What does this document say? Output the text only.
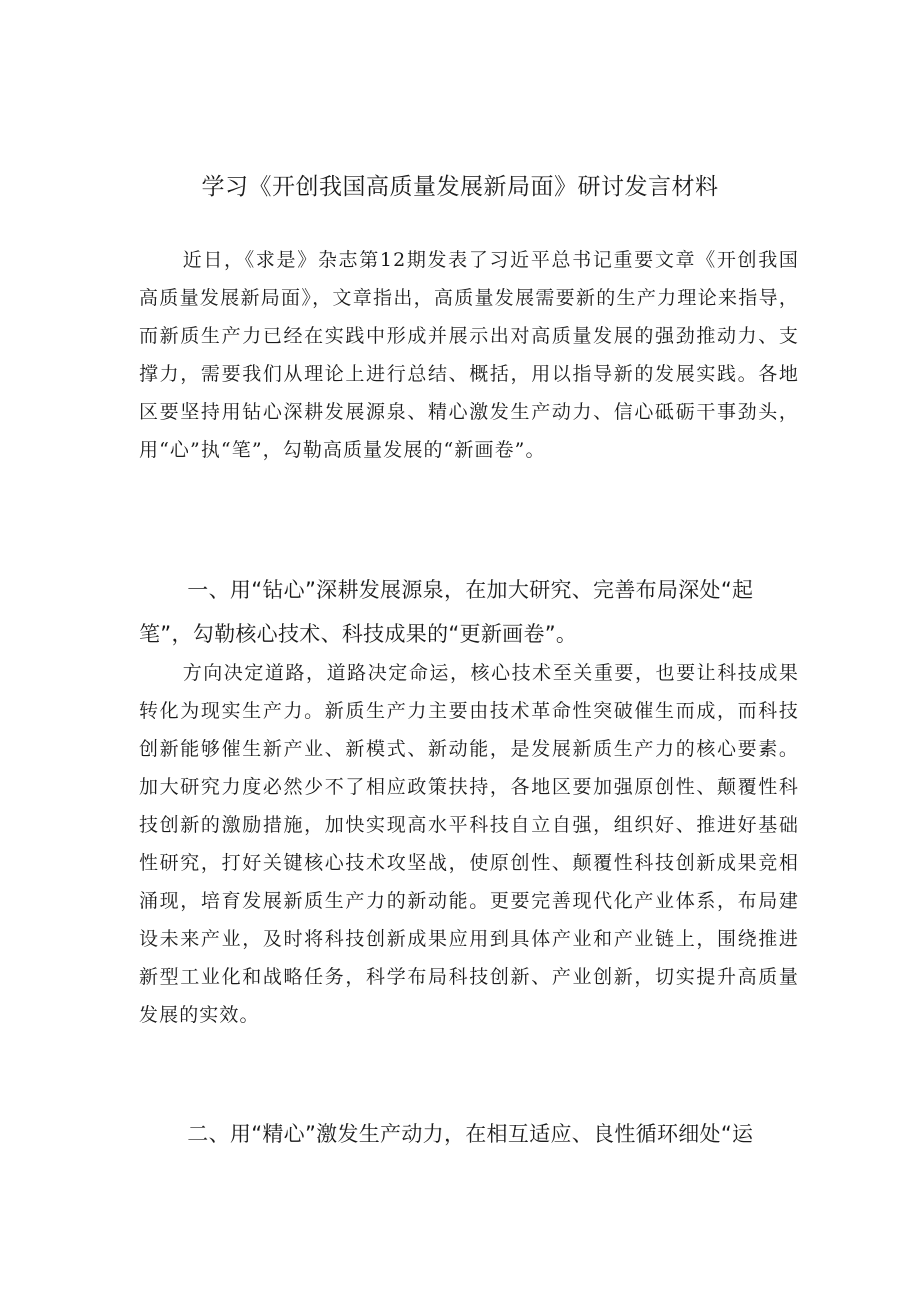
学习《开创我国高质量发展新局面》研讨发言材料

近日，《求是》杂志第12期发表了习近平总书记重要文章《开创我国高质量发展新局面》，文章指出，高质量发展需要新的生产力理论来指导，而新质生产力已经在实践中形成并展示出对高质量发展的强劲推动力、支撑力，需要我们从理论上进行总结、概括，用以指导新的发展实践。各地区要坚持用钻心深耕发展源泉、精心激发生产动力、信心砥砺干事劲头，用“心”执“笔”，勾勒高质量发展的“新画卷”。

一、用“钻心”深耕发展源泉，在加大研究、完善布局深处“起笔”，勾勒核心技术、科技成果的“更新画卷”。

方向决定道路，道路决定命运，核心技术至关重要，也要让科技成果转化为现实生产力。新质生产力主要由技术革命性突破催生而成，而科技创新能够催生新产业、新模式、新动能，是发展新质生产力的核心要素。加大研究力度必然少不了相应政策扶持，各地区要加强原创性、颠覆性科技创新的激励措施，加快实现高水平科技自立自强，组织好、推进好基础性研究，打好关键核心技术攻坚战，使原创性、颠覆性科技创新成果竞相涌现，培育发展新质生产力的新动能。更要完善现代化产业体系，布局建设未来产业，及时将科技创新成果应用到具体产业和产业链上，围绕推进新型工业化和战略任务，科学布局科技创新、产业创新，切实提升高质量发展的实效。

二、用“精心”激发生产动力，在相互适应、良性循环细处“运
